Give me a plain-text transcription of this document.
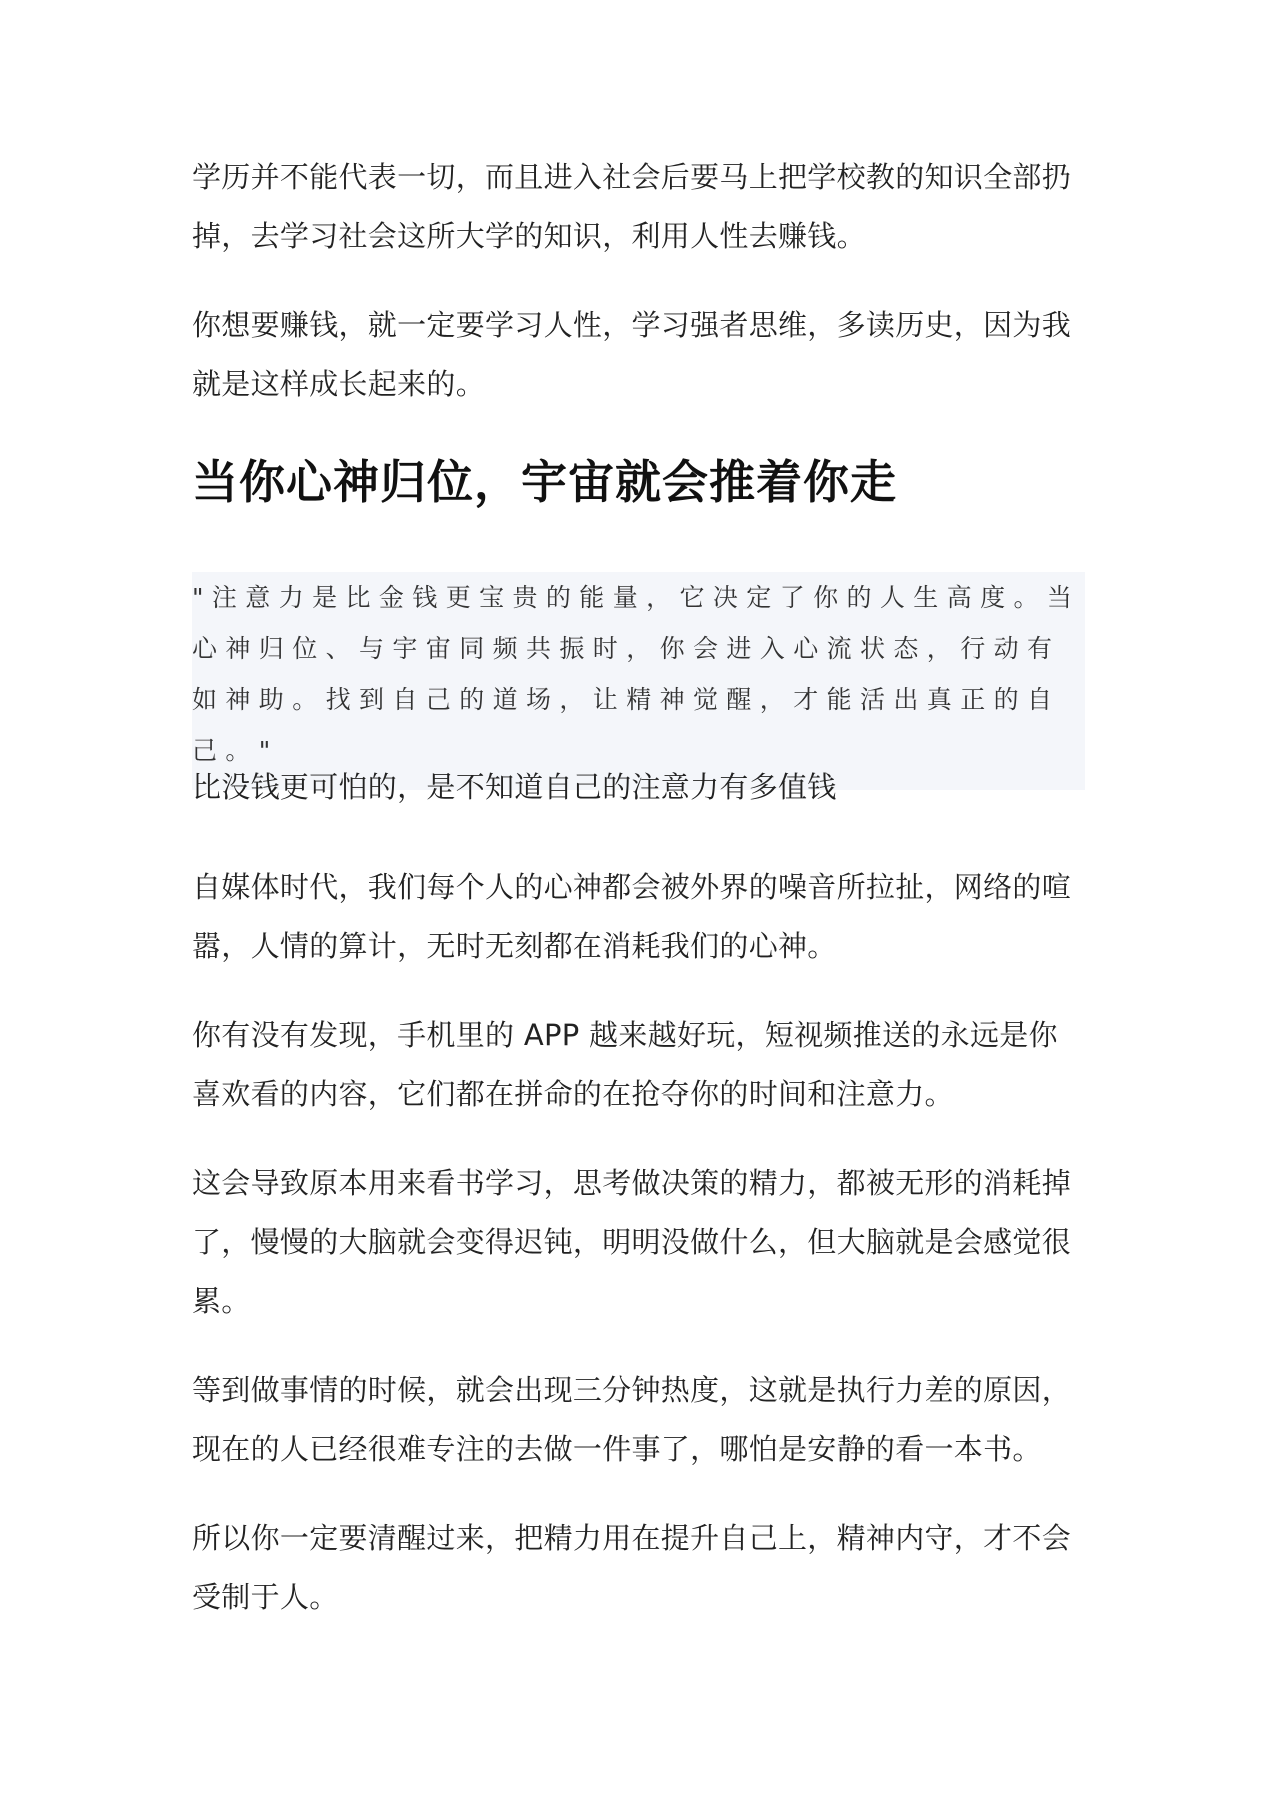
学历并不能代表一切，而且进入社会后要马上把学校教的知识全部扔掉，去学习社会这所大学的知识，利用人性去赚钱。

你想要赚钱，就一定要学习人性，学习强者思维，多读历史，因为我就是这样成长起来的。

当你心神归位，宇宙就会推着你走

"注意力是比金钱更宝贵的能量，它决定了你的人生高度。当心神归位、与宇宙同频共振时，你会进入心流状态，行动有如神助。找到自己的道场，让精神觉醒，才能活出真正的自己。"

比没钱更可怕的，是不知道自己的注意力有多值钱

自媒体时代，我们每个人的心神都会被外界的噪音所拉扯，网络的喧嚣，人情的算计，无时无刻都在消耗我们的心神。

你有没有发现，手机里的 APP 越来越好玩，短视频推送的永远是你喜欢看的内容，它们都在拼命的在抢夺你的时间和注意力。

这会导致原本用来看书学习，思考做决策的精力，都被无形的消耗掉了，慢慢的大脑就会变得迟钝，明明没做什么，但大脑就是会感觉很累。

等到做事情的时候，就会出现三分钟热度，这就是执行力差的原因，现在的人已经很难专注的去做一件事了，哪怕是安静的看一本书。

所以你一定要清醒过来，把精力用在提升自己上，精神内守，才不会受制于人。
